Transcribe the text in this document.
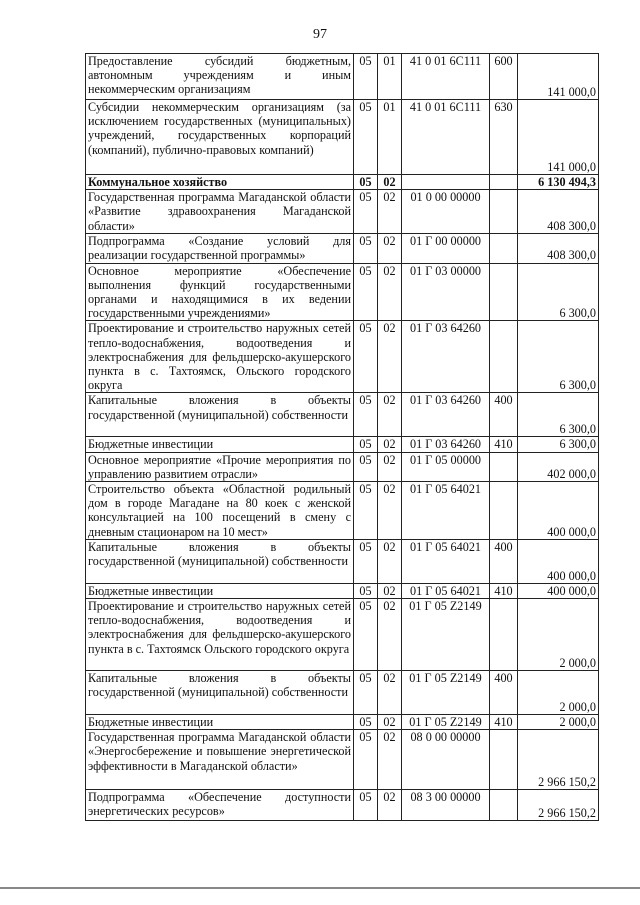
97
Предоставление субсидий бюджетным, автономным учреждениям и иным некоммерческим организациям	05	01	41 0 01 6С111	600	141 000,0
Субсидии некоммерческим организациям (за исключением государственных (муниципальных) учреждений, государственных корпораций (компаний), публично-правовых компаний)	05	01	41 0 01 6С111	630	141 000,0
Коммунальное хозяйство	05	02			6 130 494,3
Государственная программа Магаданской области «Развитие здравоохранения Магаданской области»	05	02	01 0 00 00000		408 300,0
Подпрограмма «Создание условий для реализации государственной программы»	05	02	01 Г 00 00000		408 300,0
Основное мероприятие «Обеспечение выполнения функций государственными органами и находящимися в их ведении государственными учреждениями»	05	02	01 Г 03 00000		6 300,0
Проектирование и строительство наружных сетей тепло-водоснабжения, водоотведения и электроснабжения для фельдшерско-акушерского пункта в с. Тахтоямск, Ольского городского округа	05	02	01 Г 03 64260		6 300,0
Капитальные вложения в объекты государственной (муниципальной) собственности	05	02	01 Г 03 64260	400	6 300,0
Бюджетные инвестиции	05	02	01 Г 03 64260	410	6 300,0
Основное мероприятие «Прочие мероприятия по управлению развитием отрасли»	05	02	01 Г 05 00000		402 000,0
Строительство объекта «Областной родильный дом в городе Магадане на 80 коек с женской консультацией на 100 посещений в смену с дневным стационаром на 10 мест»	05	02	01 Г 05 64021		400 000,0
Капитальные вложения в объекты государственной (муниципальной) собственности	05	02	01 Г 05 64021	400	400 000,0
Бюджетные инвестиции	05	02	01 Г 05 64021	410	400 000,0
Проектирование и строительство наружных сетей тепло-водоснабжения, водоотведения и электроснабжения для фельдшерско-акушерского пункта в с. Тахтоямск Ольского городского округа	05	02	01 Г 05 Z2149		2 000,0
Капитальные вложения в объекты государственной (муниципальной) собственности	05	02	01 Г 05 Z2149	400	2 000,0
Бюджетные инвестиции	05	02	01 Г 05 Z2149	410	2 000,0
Государственная программа Магаданской области «Энергосбережение и повышение энергетической эффективности в Магаданской области»	05	02	08 0 00 00000		2 966 150,2
Подпрограмма «Обеспечение доступности энергетических ресурсов»	05	02	08 3 00 00000		2 966 150,2
